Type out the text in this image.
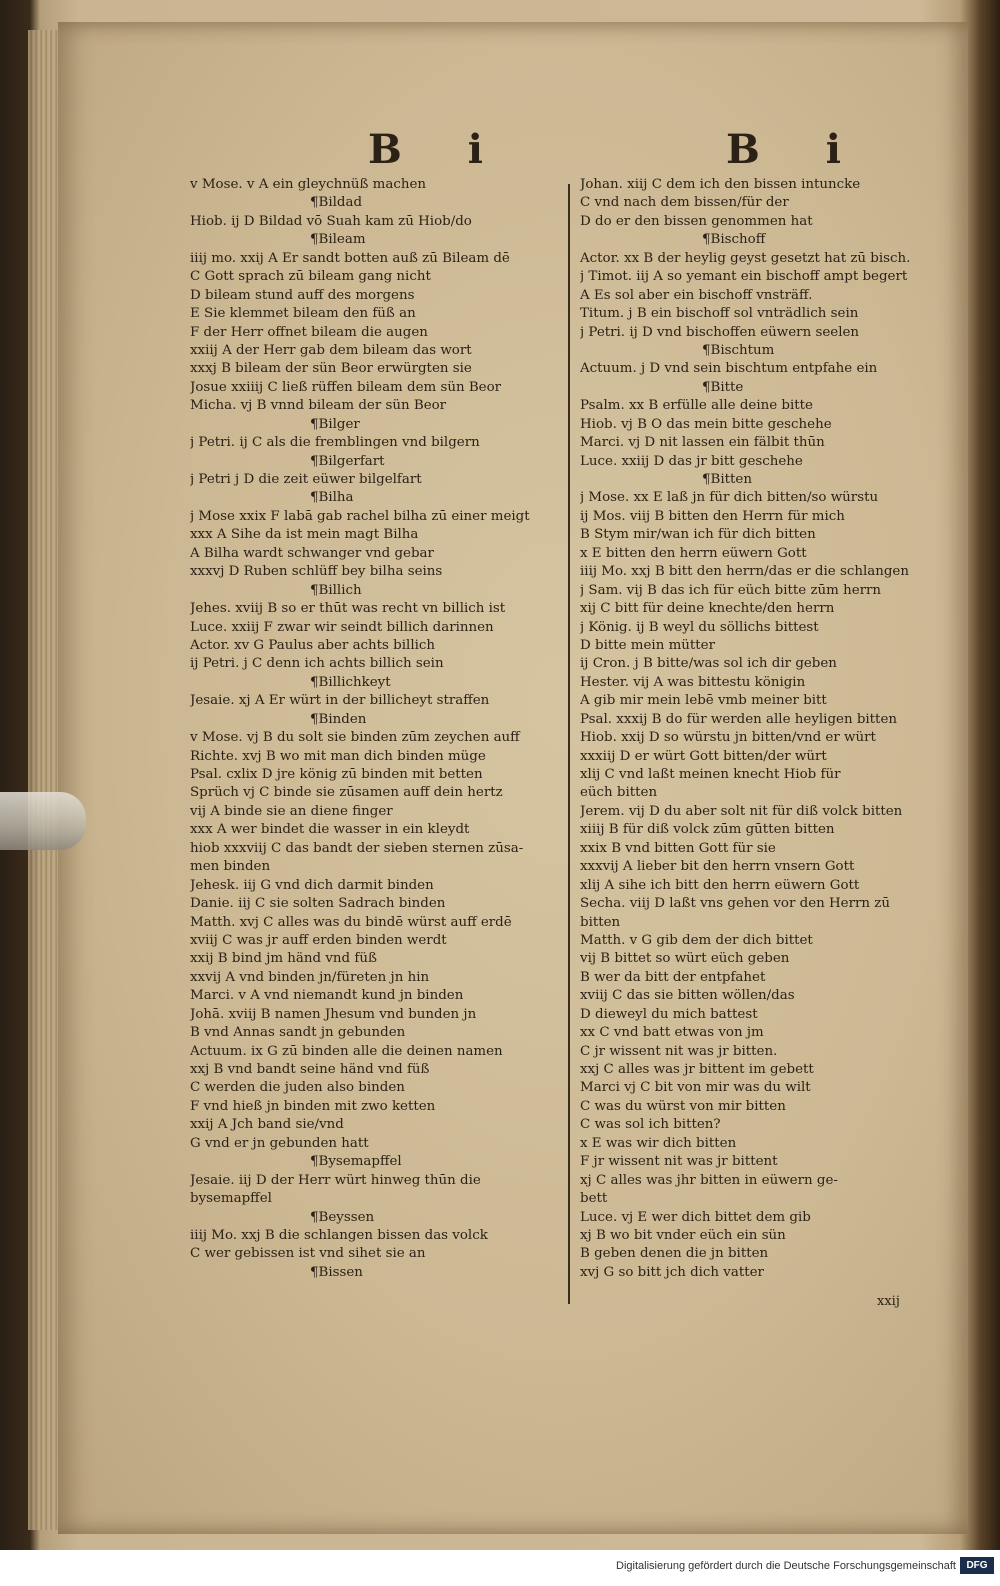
B i	B i
v Mose. v A ein gleychnüß machen
¶Bildad
Hiob. ij D Bildad vō Suah kam zū Hiob/do
¶Bileam
iiij mo. xxij A Er sandt botten auß zū Bileam dē
C Gott sprach zū bileam gang nicht
D bileam stund auff des morgens
E Sie klemmet bileam den füß an
F der Herr offnet bileam die augen
xxiij A der Herr gab dem bileam das wort
xxxj B bileam der sün Beor erwürgten sie
Josue xxiiij C ließ rüffen bileam dem sün Beor
Micha. vj B vnnd bileam der sün Beor
¶Bilger
j Petri. ij C als die fremblingen vnd bilgern
¶Bilgerfart
j Petri j D die zeit eüwer bilgelfart
¶Bilha
j Mose xxix F labā gab rachel bilha zū einer meigt
xxx A Sihe da ist mein magt Bilha
A Bilha wardt schwanger vnd gebar
xxxvj D Ruben schlüff bey bilha seins
¶Billich
Jehes. xviij B so er thūt was recht vn billich ist
Luce. xxiij F zwar wir seindt billich darinnen
Actor. xv G Paulus aber achts billich
ij Petri. j C denn ich achts billich sein
¶Billichkeyt
Jesaie. xj A Er würt in der billicheyt straffen
¶Binden
v Mose. vj B du solt sie binden zūm zeychen auff
Richte. xvj B wo mit man dich binden müge
Psal. cxlix D jre könig zū binden mit betten
Sprüch vj C binde sie zūsamen auff dein hertz
vij A binde sie an diene finger
xxx A wer bindet die wasser in ein kleydt
hiob xxxviij C das bandt der sieben sternen zūsa-
men binden
Jehesk. iij G vnd dich darmit binden
Danie. iij C sie solten Sadrach binden
Matth. xvj C alles was du bindē würst auff erdē
xviij C was jr auff erden binden werdt
xxij B bind jm händ vnd füß
xxvij A vnd binden jn/füreten jn hin
Marci. v A vnd niemandt kund jn binden
Johā. xviij B namen Jhesum vnd bunden jn
B vnd Annas sandt jn gebunden
Actuum. ix G zū binden alle die deinen namen
xxj B vnd bandt seine händ vnd füß
C werden die juden also binden
F vnd hieß jn binden mit zwo ketten
xxij A Jch band sie/vnd
G vnd er jn gebunden hatt
¶Bysemapffel
Jesaie. iij D der Herr würt hinweg thūn die
bysemapffel
¶Beyssen
iiij Mo. xxj B die schlangen bissen das volck
C wer gebissen ist vnd sihet sie an
¶Bissen
Johan. xiij C dem ich den bissen intuncke
C vnd nach dem bissen/für der
D do er den bissen genommen hat
¶Bischoff
Actor. xx B der heylig geyst gesetzt hat zū bisch.
j Timot. iij A so yemant ein bischoff ampt begert
A Es sol aber ein bischoff vnsträff.
Titum. j B ein bischoff sol vnträdlich sein
j Petri. ij D vnd bischoffen eüwern seelen
¶Bischtum
Actuum. j D vnd sein bischtum entpfahe ein
¶Bitte
Psalm. xx B erfülle alle deine bitte
Hiob. vj B O das mein bitte geschehe
Marci. vj D nit lassen ein fälbit thūn
Luce. xxiij D das jr bitt geschehe
¶Bitten
j Mose. xx E laß jn für dich bitten/so würstu
ij Mos. viij B bitten den Herrn für mich
B Stym mir/wan ich für dich bitten
x E bitten den herrn eüwern Gott
iiij Mo. xxj B bitt den herrn/das er die schlangen
j Sam. vij B das ich für eüch bitte zūm herrn
xij C bitt für deine knechte/den herrn
j König. ij B weyl du söllichs bittest
D bitte mein mütter
ij Cron. j B bitte/was sol ich dir geben
Hester. vij A was bittestu königin
A gib mir mein lebē vmb meiner bitt
Psal. xxxij B do für werden alle heyligen bitten
Hiob. xxij D so würstu jn bitten/vnd er würt
xxxiij D er würt Gott bitten/der würt
xlij C vnd laßt meinen knecht Hiob für
eüch bitten
Jerem. vij D du aber solt nit für diß volck bitten
xiiij B für diß volck zūm gūtten bitten
xxix B vnd bitten Gott für sie
xxxvij A lieber bit den herrn vnsern Gott
xlij A sihe ich bitt den herrn eüwern Gott
Secha. viij D laßt vns gehen vor den Herrn zū
bitten
Matth. v G gib dem der dich bittet
vij B bittet so würt eüch geben
B wer da bitt der entpfahet
xviij C das sie bitten wöllen/das
D dieweyl du mich battest
xx C vnd batt etwas von jm
C jr wissent nit was jr bitten.
xxj C alles was jr bittent im gebett
Marci vj C bit von mir was du wilt
C was du würst von mir bitten
C was sol ich bitten?
x E was wir dich bitten
F jr wissent nit was jr bittent
xj C alles was jhr bitten in eüwern ge-
bett
Luce. vj E wer dich bittet dem gib
xj B wo bit vnder eüch ein sün
B geben denen die jn bitten
xvj G so bitt jch dich vatter
xxij
Digitalisierung gefördert durch die Deutsche Forschungsgemeinschaft	DFG
